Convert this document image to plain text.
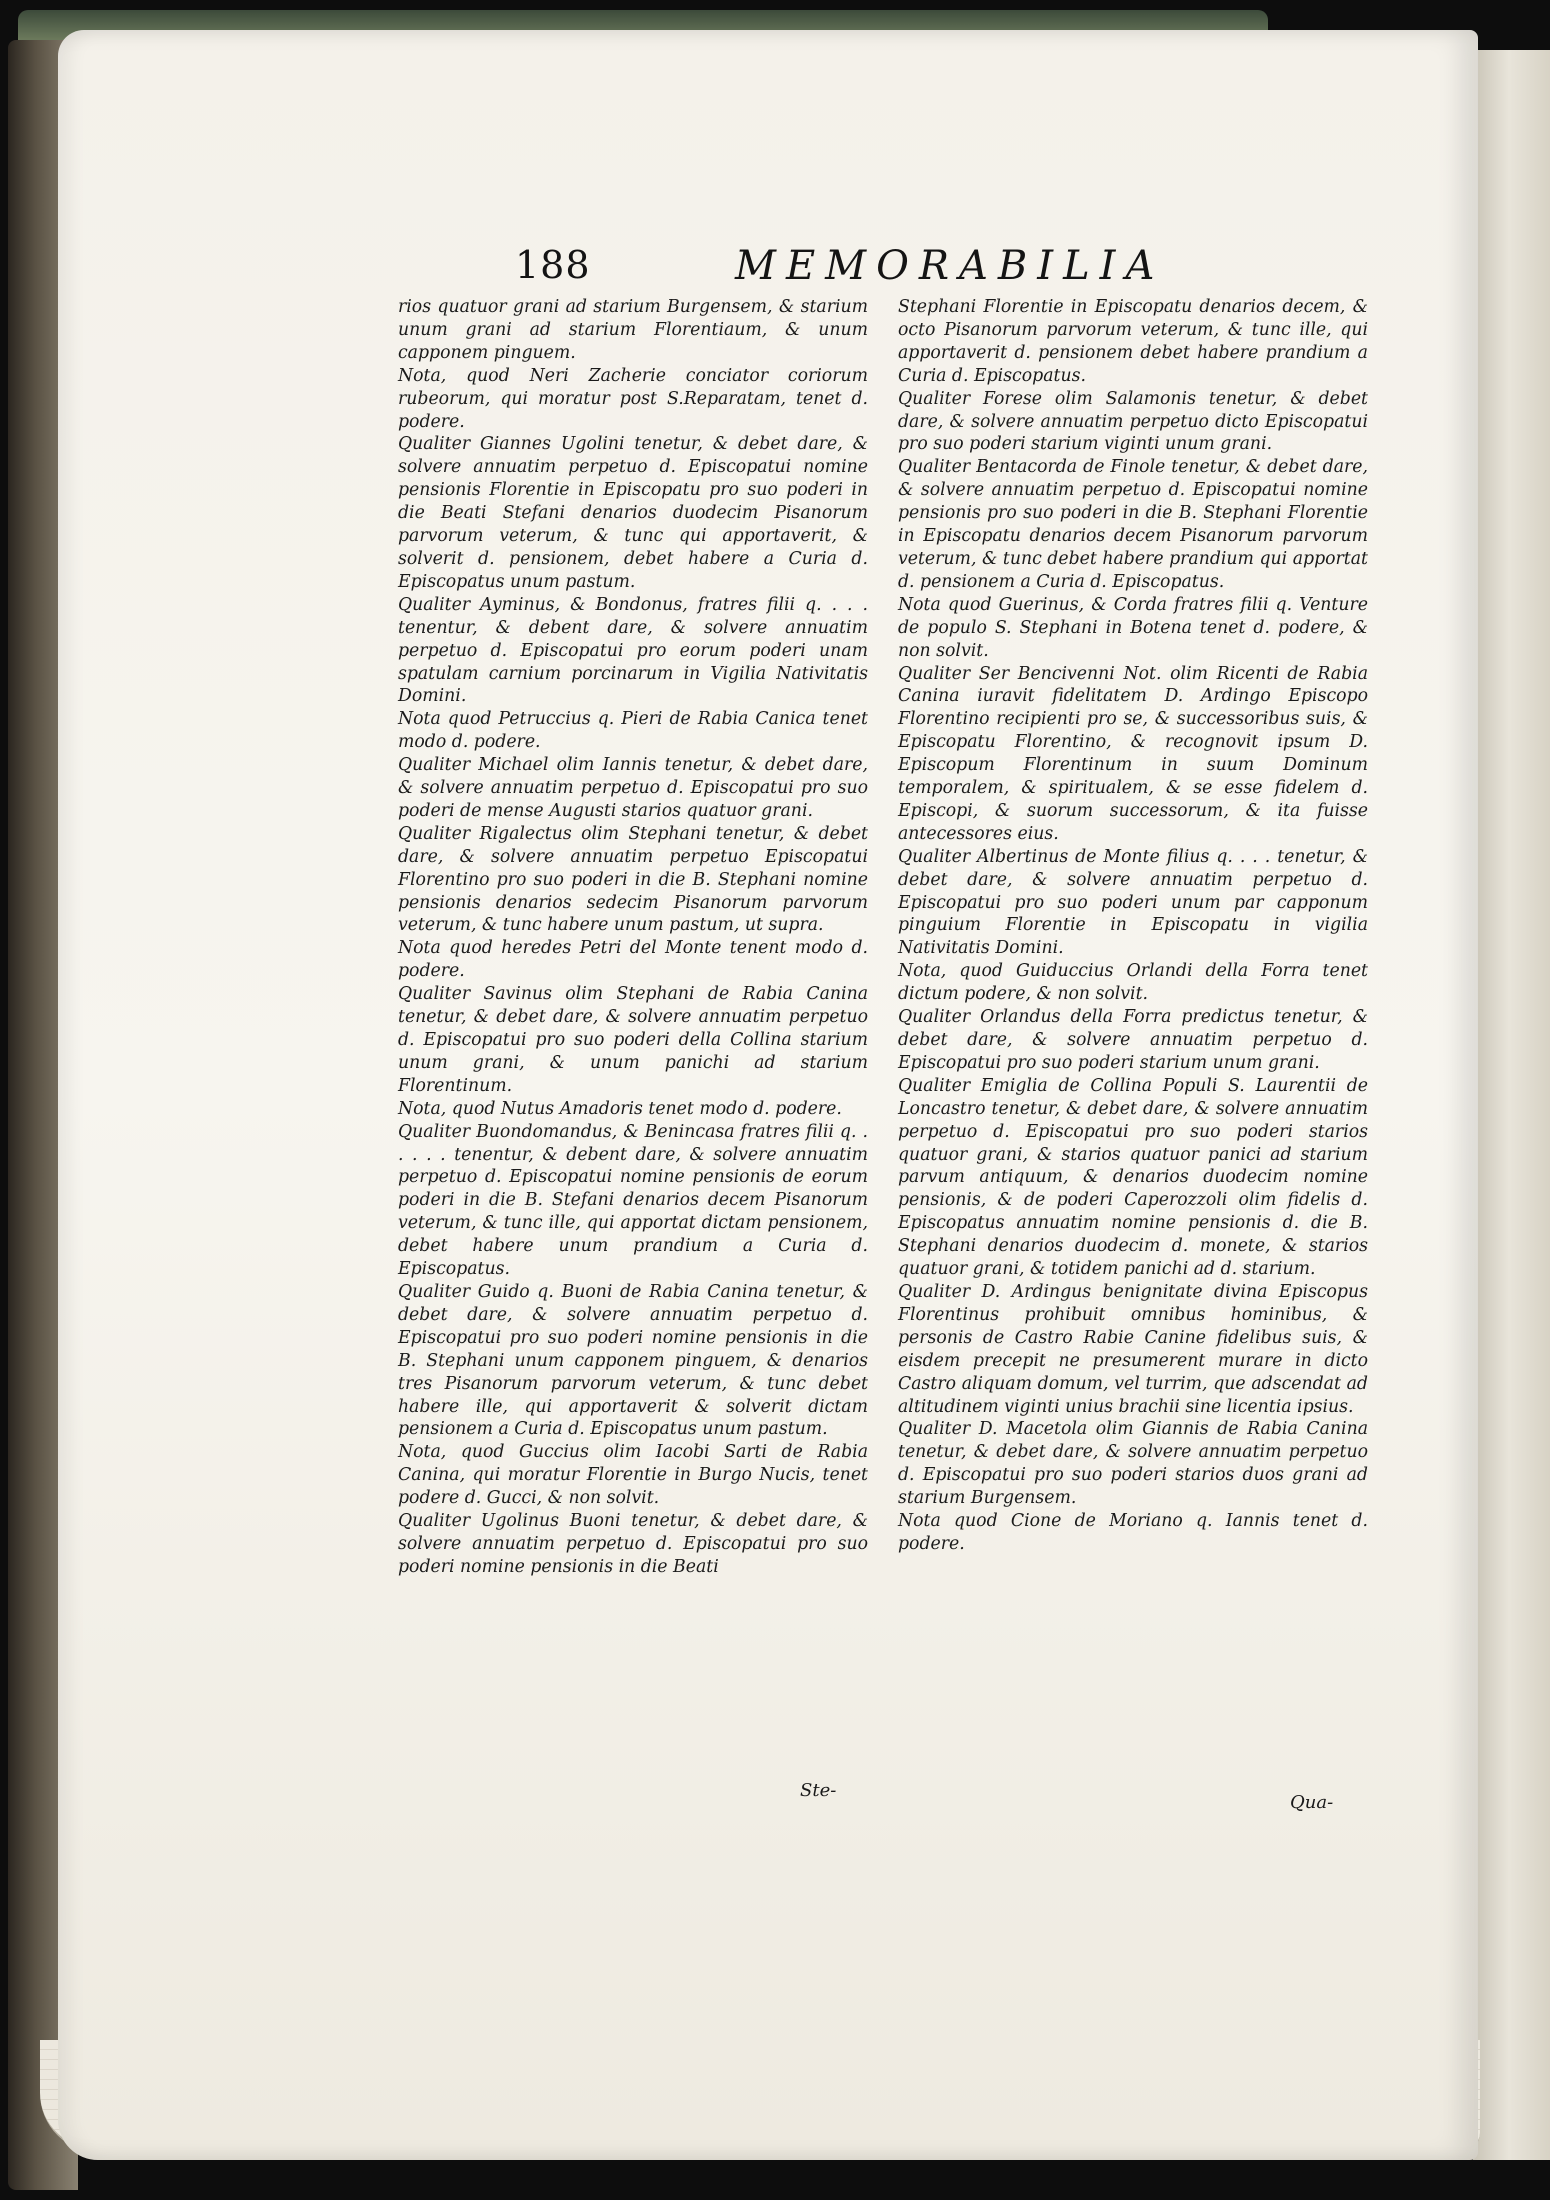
188	MEMORABILIA

rios quatuor grani ad starium Burgensem, & starium unum grani ad starium Florentiaum, & unum capponem pinguem.

Nota, quod Neri Zacherie conciator coriorum rubeorum, qui moratur post S.Reparatam, tenet d. podere.

Qualiter Giannes Ugolini tenetur, & debet dare, & solvere annuatim perpetuo d. Episcopatui nomine pensionis Florentie in Episcopatu pro suo poderi in die Beati Stefani denarios duodecim Pisanorum parvorum veterum, & tunc qui apportaverit, & solverit d. pensionem, debet habere a Curia d. Episcopatus unum pastum.

Qualiter Ayminus, & Bondonus, fratres filii q. . . . tenentur, & debent dare, & solvere annuatim perpetuo d. Episcopatui pro eorum poderi unam spatulam carnium porcinarum in Vigilia Nativitatis Domini.

Nota quod Petruccius q. Pieri de Rabia Canica tenet modo d. podere.

Qualiter Michael olim Iannis tenetur, & debet dare, & solvere annuatim perpetuo d. Episcopatui pro suo poderi de mense Augusti starios quatuor grani.

Qualiter Rigalectus olim Stephani tenetur, & debet dare, & solvere annuatim perpetuo Episcopatui Florentino pro suo poderi in die B. Stephani nomine pensionis denarios sedecim Pisanorum parvorum veterum, & tunc habere unum pastum, ut supra.

Nota quod heredes Petri del Monte tenent modo d. podere.

Qualiter Savinus olim Stephani de Rabia Canina tenetur, & debet dare, & solvere annuatim perpetuo d. Episcopatui pro suo poderi della Collina starium unum grani, & unum panichi ad starium Florentinum.

Nota, quod Nutus Amadoris tenet modo d. podere.

Qualiter Buondomandus, & Benincasa fratres filii q. . . . . . tenentur, & debent dare, & solvere annuatim perpetuo d. Episcopatui nomine pensionis de eorum poderi in die B. Stefani denarios decem Pisanorum veterum, & tunc ille, qui apportat dictam pensionem, debet habere unum prandium a Curia d. Episcopatus.

Qualiter Guido q. Buoni de Rabia Canina tenetur, & debet dare, & solvere annuatim perpetuo d. Episcopatui pro suo poderi nomine pensionis in die B. Stephani unum capponem pinguem, & denarios tres Pisanorum parvorum veterum, & tunc debet habere ille, qui apportaverit & solverit dictam pensionem a Curia d. Episcopatus unum pastum.

Nota, quod Guccius olim Iacobi Sarti de Rabia Canina, qui moratur Florentie in Burgo Nucis, tenet podere d. Gucci, & non solvit.

Qualiter Ugolinus Buoni tenetur, & debet dare, & solvere annuatim perpetuo d. Episcopatui pro suo poderi nomine pensionis in die Beati

Ste-

Stephani Florentie in Episcopatu denarios decem, & octo Pisanorum parvorum veterum, & tunc ille, qui apportaverit d. pensionem debet habere prandium a Curia d. Episcopatus.

Qualiter Forese olim Salamonis tenetur, & debet dare, & solvere annuatim perpetuo dicto Episcopatui pro suo poderi starium viginti unum grani.

Qualiter Bentacorda de Finole tenetur, & debet dare, & solvere annuatim perpetuo d. Episcopatui nomine pensionis pro suo poderi in die B. Stephani Florentie in Episcopatu denarios decem Pisanorum parvorum veterum, & tunc debet habere prandium qui apportat d. pensionem a Curia d. Episcopatus.

Nota quod Guerinus, & Corda fratres filii q. Venture de populo S. Stephani in Botena tenet d. podere, & non solvit.

Qualiter Ser Bencivenni Not. olim Ricenti de Rabia Canina iuravit fidelitatem D. Ardingo Episcopo Florentino recipienti pro se, & successoribus suis, & Episcopatu Florentino, & recognovit ipsum D. Episcopum Florentinum in suum Dominum temporalem, & spiritualem, & se esse fidelem d. Episcopi, & suorum successorum, & ita fuisse antecessores eius.

Qualiter Albertinus de Monte filius q. . . . tenetur, & debet dare, & solvere annuatim perpetuo d. Episcopatui pro suo poderi unum par capponum pinguium Florentie in Episcopatu in vigilia Nativitatis Domini.

Nota, quod Guiduccius Orlandi della Forra tenet dictum podere, & non solvit.

Qualiter Orlandus della Forra predictus tenetur, & debet dare, & solvere annuatim perpetuo d. Episcopatui pro suo poderi starium unum grani.

Qualiter Emiglia de Collina Populi S. Laurentii de Loncastro tenetur, & debet dare, & solvere annuatim perpetuo d. Episcopatui pro suo poderi starios quatuor grani, & starios quatuor panici ad starium parvum antiquum, & denarios duodecim nomine pensionis, & de poderi Caperozzoli olim fidelis d. Episcopatus annuatim nomine pensionis d. die B. Stephani denarios duodecim d. monete, & starios quatuor grani, & totidem panichi ad d. starium.

Qualiter D. Ardingus benignitate divina Episcopus Florentinus prohibuit omnibus hominibus, & personis de Castro Rabie Canine fidelibus suis, & eisdem precepit ne presumerent murare in dicto Castro aliquam domum, vel turrim, que adscendat ad altitudinem viginti unius brachii sine licentia ipsius.

Qualiter D. Macetola olim Giannis de Rabia Canina tenetur, & debet dare, & solvere annuatim perpetuo d. Episcopatui pro suo poderi starios duos grani ad starium Burgensem.

Nota quod Cione de Moriano q. Iannis tenet d. podere.

Qua-
